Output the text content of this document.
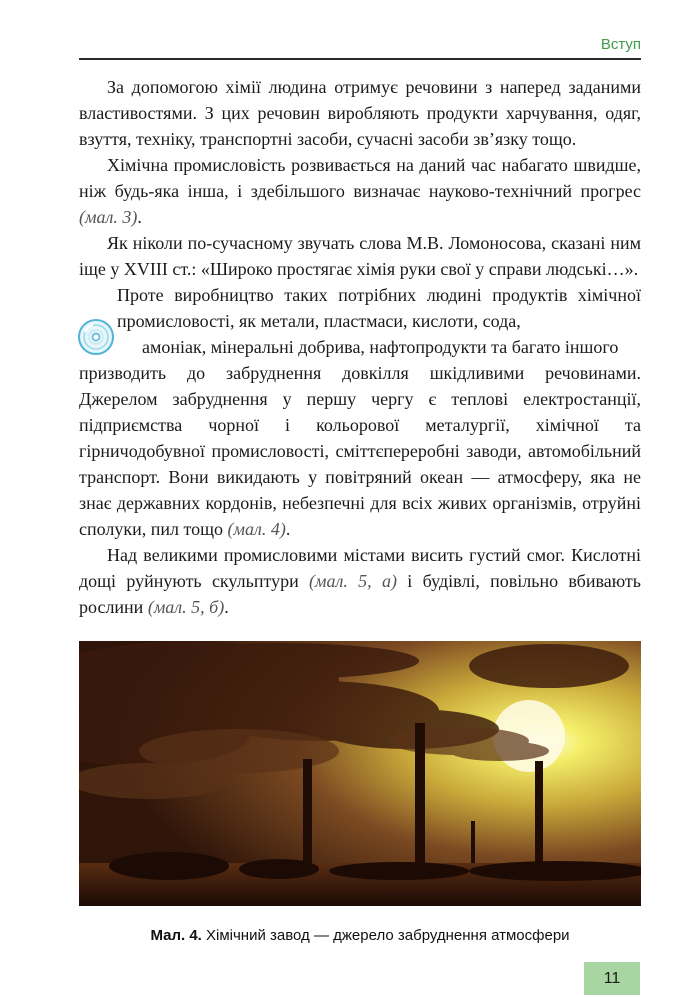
Вступ

За допомогою хімії людина отримує речовини з наперед заданими властивостями. З цих речовин виробляють продукти харчування, одяг, взуття, техніку, транспортні засоби, сучасні засоби зв’язку тощо.

Хімічна промисловість розвивається на даний час набагато швидше, ніж будь-яка інша, і здебільшого визначає науково-технічний прогрес (мал. 3).

Як ніколи по-сучасному звучать слова М.В. Ломоносова, сказані ним іще у XVIII ст.: «Широко простягає хімія руки свої у справи людські…».

Проте виробництво таких потрібних людині продуктів хімічної промисловості, як метали, пластмаси, кислоти, сода,

амоніак, мінеральні добрива, нафтопродукти та багато іншого

призводить до забруднення довкілля шкідливими речовинами. Джерелом забруднення у першу чергу є теплові електростанції, підприємства чорної і кольорової металургії, хімічної та гірничодобувної промисловості, сміттєпереробні заводи, автомобільний транспорт. Вони викидають у повітряний океан — атмосферу, яка не знає державних кордонів, небезпечні для всіх живих організмів, отруйні сполуки, пил тощо (мал. 4).

Над великими промисловими містами висить густий смог. Кислотні дощі руйнують скульптури (мал. 5, а) і будівлі, повільно вбивають рослини (мал. 5, б).

Мал. 4. Хімічний завод — джерело забруднення атмосфери
11
